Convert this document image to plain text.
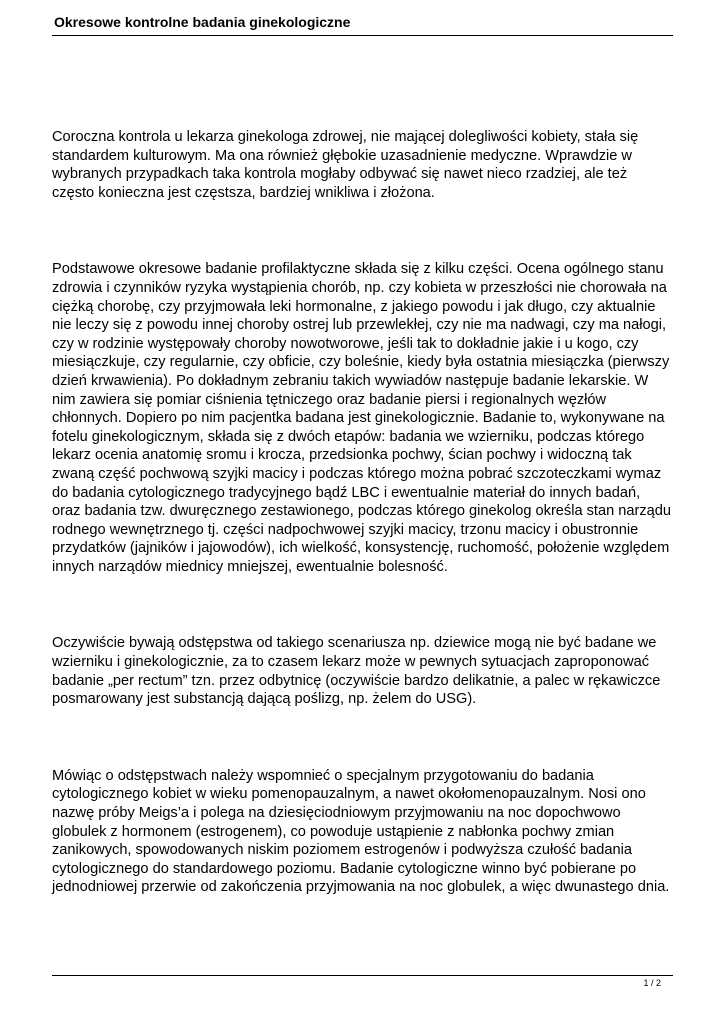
Okresowe kontrolne badania ginekologiczne

Coroczna kontrola u lekarza ginekologa zdrowej, nie mającej dolegliwości kobiety, stała się
standardem kulturowym. Ma ona również głębokie uzasadnienie medyczne. Wprawdzie w
wybranych przypadkach taka kontrola mogłaby odbywać się nawet nieco rzadziej, ale też
często konieczna jest częstsza, bardziej wnikliwa i złożona.

Podstawowe okresowe badanie profilaktyczne składa się z kilku części. Ocena ogólnego stanu
zdrowia i czynników ryzyka wystąpienia chorób, np. czy kobieta w przeszłości nie chorowała na
ciężką chorobę, czy przyjmowała leki hormonalne, z jakiego powodu i jak długo, czy aktualnie
nie leczy się z powodu innej choroby ostrej lub przewlekłej, czy nie ma nadwagi, czy ma nałogi,
czy w rodzinie występowały choroby nowotworowe, jeśli tak to dokładnie jakie i u kogo, czy
miesiączkuje, czy regularnie, czy obficie, czy boleśnie, kiedy była ostatnia miesiączka (pierwszy
dzień krwawienia). Po dokładnym zebraniu takich wywiadów następuje badanie lekarskie. W
nim zawiera się pomiar ciśnienia tętniczego oraz badanie piersi i regionalnych węzłów
chłonnych. Dopiero po nim pacjentka badana jest ginekologicznie. Badanie to, wykonywane na
fotelu ginekologicznym, składa się z dwóch etapów: badania we wzierniku, podczas którego
lekarz ocenia anatomię sromu i krocza, przedsionka pochwy, ścian pochwy i widoczną tak
zwaną część pochwową szyjki macicy i podczas którego można pobrać szczoteczkami wymaz
do badania cytologicznego tradycyjnego bądź LBC i ewentualnie materiał do innych badań,
oraz badania tzw. dwuręcznego zestawionego, podczas którego ginekolog określa stan narządu
rodnego wewnętrznego tj. części nadpochwowej szyjki macicy, trzonu macicy i obustronnie
przydatków (jajników i jajowodów), ich wielkość, konsystencję, ruchomość, położenie względem
innych narządów miednicy mniejszej, ewentualnie bolesność.

Oczywiście bywają odstępstwa od takiego scenariusza np. dziewice mogą nie być badane we
wzierniku i ginekologicznie, za to czasem lekarz może w pewnych sytuacjach zaproponować
badanie „per rectum” tzn. przez odbytnicę (oczywiście bardzo delikatnie, a palec w rękawiczce
posmarowany jest substancją dającą poślizg, np. żelem do USG).

Mówiąc o odstępstwach należy wspomnieć o specjalnym przygotowaniu do badania
cytologicznego kobiet w wieku pomenopauzalnym, a nawet okołomenopauzalnym. Nosi ono
nazwę próby Meigs’a i polega na dziesięciodniowym przyjmowaniu na noc dopochwowo
globulek z hormonem (estrogenem), co powoduje ustąpienie z nabłonka pochwy zmian
zanikowych, spowodowanych niskim poziomem estrogenów i podwyższa czułość badania
cytologicznego do standardowego poziomu. Badanie cytologiczne winno być pobierane po
jednodniowej przerwie od zakończenia przyjmowania na noc globulek, a więc dwunastego dnia.

1 / 2
